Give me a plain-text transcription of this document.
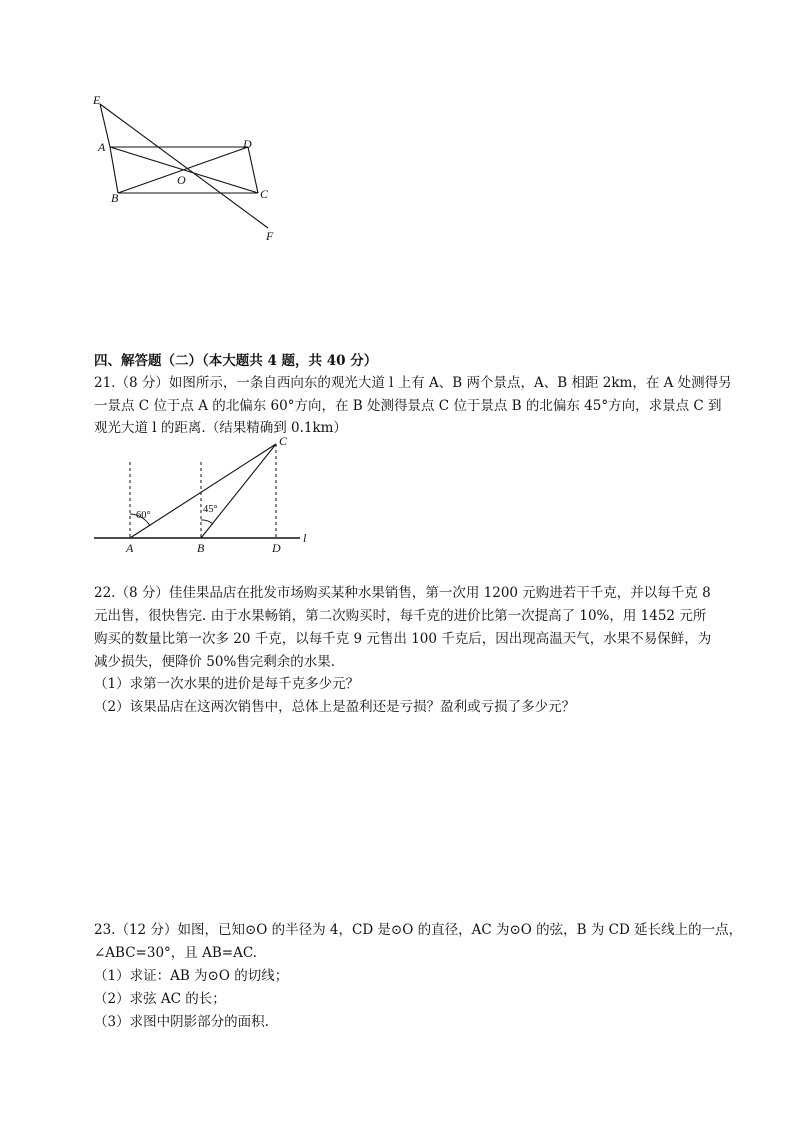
E
A	D
O
B	C
F
四、解答题（二）（本大题共 4 题，共 40 分）
21.（8 分）如图所示，一条自西向东的观光大道 l 上有 A、B 两个景点，A、B 相距 2km，在 A 处测得另
一景点 C 位于点 A 的北偏东 60°方向，在 B 处测得景点 C 位于景点 B 的北偏东 45°方向，求景点 C 到
观光大道 l 的距离.（结果精确到 0.1km）
60°
45°
C
A	B	D
l
22.（8 分）佳佳果品店在批发市场购买某种水果销售，第一次用 1200 元购进若干千克，并以每千克 8
元出售，很快售完. 由于水果畅销，第二次购买时，每千克的进价比第一次提高了 10%，用 1452 元所
购买的数量比第一次多 20 千克，以每千克 9 元售出 100 千克后，因出现高温天气，水果不易保鲜，为
减少损失，便降价 50%售完剩余的水果.
（1）求第一次水果的进价是每千克多少元？
（2）该果品店在这两次销售中，总体上是盈利还是亏损？盈利或亏损了多少元？
23.（12 分）如图，已知⊙O 的半径为 4，CD 是⊙O 的直径，AC 为⊙O 的弦，B 为 CD 延长线上的一点，
∠ABC=30°，且 AB=AC.
（1）求证：AB 为⊙O 的切线；
（2）求弦 AC 的长；
（3）求图中阴影部分的面积.
